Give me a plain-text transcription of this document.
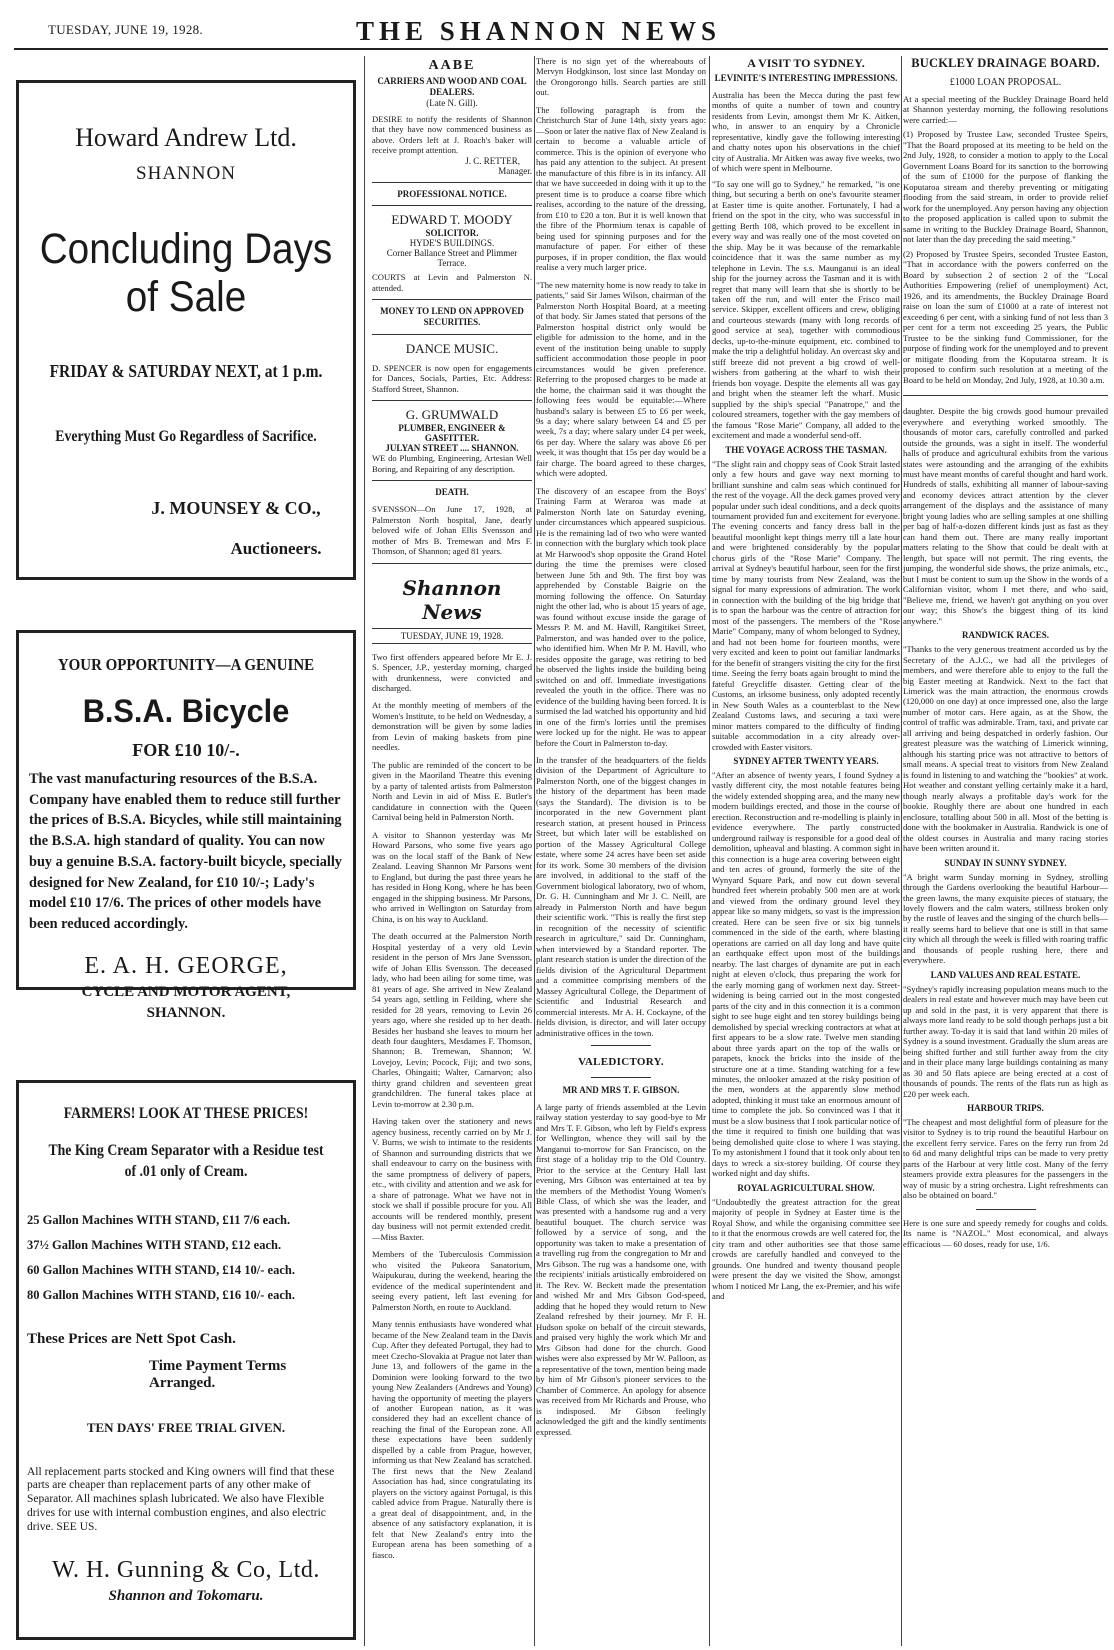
TUESDAY, JUNE 19, 1928.	THE SHANNON NEWS
Howard Andrew Ltd.
SHANNON
Concluding Days
of Sale
FRIDAY & SATURDAY NEXT, at 1 p.m.
Everything Must Go Regardless of Sacrifice.
J. MOUNSEY & CO.,
Auctioneers.
YOUR OPPORTUNITY—A GENUINE
B.S.A. Bicycle
FOR £10 10/-.
The vast manufacturing resources of the B.S.A. Company have enabled them to reduce still further the prices of B.S.A. Bicycles, while still maintaining the B.S.A. high standard of quality. You can now buy a genuine B.S.A. factory-built bicycle, specially designed for New Zealand, for £10 10/-; Lady's model £10 17/6. The prices of other models have been reduced accordingly.
E. A. H. GEORGE,
CYCLE AND MOTOR AGENT,
SHANNON.
FARMERS! LOOK AT THESE PRICES!
The King Cream Separator with a Residue test of .01 only of Cream.
25 Gallon Machines WITH STAND, £11 7/6 each.
37½ Gallon Machines WITH STAND, £12 each.
60 Gallon Machines WITH STAND, £14 10/- each.
80 Gallon Machines WITH STAND, £16 10/- each.
These Prices are Nett Spot Cash.
Time Payment Terms Arranged.
TEN DAYS' FREE TRIAL GIVEN.
All replacement parts stocked and King owners will find that these parts are cheaper than replacement parts of any other make of Separator. All machines splash lubricated. We also have Flexible drives for use with internal combustion engines, and also electric drive. SEE US.
W. H. Gunning & Co, Ltd.
Shannon and Tokomaru.
AABE
CARRIERS AND WOOD AND COAL DEALERS.
(Late N. Gill).
DESIRE to notify the residents of Shannon that they have now commenced business as above. Orders left at J. Roach's baker will receive prompt attention.
J. C. RETTER,
Manager.
PROFESSIONAL NOTICE.
EDWARD T. MOODY
SOLICITOR.
HYDE'S BUILDINGS.
Corner Ballance Street and Plimmer Terrace.
COURTS at Levin and Palmerston N. attended.
MONEY TO LEND ON APPROVED SECURITIES.
DANCE MUSIC.
D. SPENCER is now open for engagements for Dances, Socials, Parties, Etc. Address: Stafford Street, Shannon.
G. GRUMWALD
PLUMBER, ENGINEER & GASFITTER.
JULYAN STREET .... SHANNON.
WE do Plumbing, Engineering, Artesian Well Boring, and Repairing of any description.
DEATH.
SVENSSON—On June 17, 1928, at Palmerston North hospital, Jane, dearly beloved wife of Johan Ellis Svensson and mother of Mrs B. Tremewan and Mrs F. Thomson, of Shannon; aged 81 years.
Shannon News
TUESDAY, JUNE 19, 1928.
Two first offenders appeared before Mr E. J. S. Spencer, J.P., yesterday morning, charged with drunkenness, were convicted and discharged.
At the monthly meeting of members of the Women's Institute, to be held on Wednesday, a demonstration will be given by some ladies from Levin of making baskets from pine needles.
The public are reminded of the concert to be given in the Maoriland Theatre this evening by a party of talented artists from Palmerston North and Levin in aid of Miss E. Butler's candidature in connection with the Queen Carnival being held in Palmerston North.
A visitor to Shannon yesterday was Mr Howard Parsons, who some five years ago was on the local staff of the Bank of New Zealand. Leaving Shannon Mr Parsons went to England, but during the past three years he has resided in Hong Kong, where he has been engaged in the shipping business. Mr Parsons, who arrived in Wellington on Saturday from China, is on his way to Auckland.
The death occurred at the Palmerston North Hospital yesterday of a very old Levin resident in the person of Mrs Jane Svensson, wife of Johan Ellis Svensson. The deceased lady, who had been ailing for some time, was 81 years of age. She arrived in New Zealand 54 years ago, settling in Feilding, where she resided for 28 years, removing to Levin 26 years ago, where she resided up to her death. Besides her husband she leaves to mourn her death four daughters, Mesdames F. Thomson, Shannon; B. Tremewan, Shannon; W. Lovejoy, Levin; Pocock, Fiji; and two sons, Charles, Ohingaiti; Walter, Carnarvon; also thirty grand children and seventeen great grandchildren. The funeral takes place at Levin to-morrow at 2.30 p.m.
Having taken over the stationery and news agency business, recently carried on by Mr J. V. Burns, we wish to intimate to the residents of Shannon and surrounding districts that we shall endeavour to carry on the business with the same promptness of delivery of papers, etc., with civility and attention and we ask for a share of patronage. What we have not in stock we shall if possible procure for you. All accounts will be rendered monthly, present day business will not permit extended credit.—Miss Baxter.
Members of the Tuberculosis Commission who visited the Pukeora Sanatorium, Waipukurau, during the weekend, hearing the evidence of the medical superintendent and seeing every patient, left last evening for Palmerston North, en route to Auckland.
Many tennis enthusiasts have wondered what became of the New Zealand team in the Davis Cup. After they defeated Portugal, they had to meet Czecho-Slovakia at Prague not later than June 13, and followers of the game in the Dominion were looking forward to the two young New Zealanders (Andrews and Young) having the opportunity of meeting the players of another European nation, as it was considered they had an excellent chance of reaching the final of the European zone. All these expectations have been suddenly dispelled by a cable from Prague, however, informing us that New Zealand has scratched. The first news that the New Zealand Association has had, since congratulating its players on the victory against Portugal, is this cabled advice from Prague. Naturally there is a great deal of disappointment, and, in the absence of any satisfactory explanation, it is felt that New Zealand's entry into the European arena has been something of a fiasco.
There is no sign yet of the whereabouts of Mervyn Hodgkinson, lost since last Monday on the Orongorongo hills. Search parties are still out.
The following paragraph is from the Christchurch Star of June 14th, sixty years ago:—Soon or later the native flax of New Zealand is certain to become a valuable article of commerce. This is the opinion of everyone who has paid any attention to the subject. At present the manufacture of this fibre is in its infancy. All that we have succeeded in doing with it up to the present time is to produce a coarse fibre which realises, according to the nature of the dressing, from £10 to £20 a ton. But it is well known that the fibre of the Phormium tenax is capable of being used for spinning purposes and for the manufacture of paper. For either of these purposes, if in proper condition, the flax would realise a very much larger price.
"The new maternity home is now ready to take in patients," said Sir James Wilson, chairman of the Palmerston North Hospital Board, at a meeting of that body. Sir James stated that persons of the Palmerston hospital district only would be eligible for admission to the home, and in the event of the institution being unable to supply sufficient accommodation those people in poor circumstances would be given preference. Referring to the proposed charges to be made at the home, the chairman said it was thought the following fees would be equitable:—Where husband's salary is between £5 to £6 per week, 9s a day; where salary between £4 and £5 per week, 7s a day; where salary under £4 per week, 6s per day. Where the salary was above £6 per week, it was thought that 15s per day would be a fair charge. The board agreed to these charges, which were adopted.
The discovery of an escapee from the Boys' Training Farm at Weraroa was made at Palmerston North late on Saturday evening, under circumstances which appeared suspicious. He is the remaining lad of two who were wanted in connection with the burglary which took place at Mr Harwood's shop opposite the Grand Hotel during the time the premises were closed between June 5th and 9th. The first boy was apprehended by Constable Baigrie on the morning following the offence. On Saturday night the other lad, who is about 15 years of age, was found without excuse inside the garage of Messrs P. M. and M. Havill, Rangitikei Street, Palmerston, and was handed over to the police, who identified him. When Mr P. M. Havill, who resides opposite the garage, was retiring to bed he observed the lights inside the building being switched on and off. Immediate investigations revealed the youth in the office. There was no evidence of the building having been forced. It is surmised the lad watched his opportunity and hid in one of the firm's lorries until the premises were locked up for the night. He was to appear before the Court in Palmerston to-day.
In the transfer of the headquarters of the fields division of the Department of Agriculture to Palmerston North, one of the biggest changes in the history of the department has been made (says the Standard). The division is to be incorporated in the new Government plant research station, at present housed in Princess Street, but which later will be established on portion of the Massey Agricultural College estate, where some 24 acres have been set aside for its work. Some 30 members of the division are involved, in additional to the staff of the Government biological laboratory, two of whom, Dr. G. H. Cunningham and Mr J. C. Neill, are already in Palmerston North and have begun their scientific work. "This is really the first step in recognition of the necessity of scientific research in agriculture," said Dr. Cunningham, when interviewed by a Standard reporter. The plant research station is under the direction of the fields division of the Agricultural Department and a committee comprising members of the Massey Agricultural College, the Department of Scientific and Industrial Research and commercial interests. Mr A. H. Cockayne, of the fields division, is director, and will later occupy administrative offices in the town.
VALEDICTORY.
MR AND MRS T. F. GIBSON.
A large party of friends assembled at the Levin railway station yesterday to say good-bye to Mr and Mrs T. F. Gibson, who left by Field's express for Wellington, whence they will sail by the Manganui to-morrow for San Francisco, on the first stage of a holiday trip to the Old Country. Prior to the service at the Century Hall last evening, Mrs Gibson was entertained at tea by the members of the Methodist Young Women's Bible Class, of which she was the leader, and was presented with a handsome rug and a very beautiful bouquet. The church service was followed by a service of song, and the opportunity was taken to make a presentation of a travelling rug from the congregation to Mr and Mrs Gibson. The rug was a handsome one, with the recipients' initials artistically embroidered on it. The Rev. W. Beckett made the presentation and wished Mr and Mrs Gibson God-speed, adding that he hoped they would return to New Zealand refreshed by their journey. Mr F. H. Hudson spoke on behalf of the circuit stewards, and praised very highly the work which Mr and Mrs Gibson had done for the church. Good wishes were also expressed by Mr W. Palloon, as a representative of the town, mention being made by him of Mr Gibson's pioneer services to the Chamber of Commerce. An apology for absence was received from Mr Richards and Prouse, who is indisposed. Mr Gibson feelingly acknowledged the gift and the kindly sentiments expressed.
A VISIT TO SYDNEY.
LEVINITE'S INTERESTING IMPRESSIONS.
Australia has been the Mecca during the past few months of quite a number of town and country residents from Levin, amongst them Mr K. Aitken, who, in answer to an enquiry by a Chronicle representative, kindly gave the following interesting and chatty notes upon his observations in the chief city of Australia. Mr Aitken was away five weeks, two of which were spent in Melbourne.
"To say one will go to Sydney," he remarked, "is one thing, but securing a berth on one's favourite steamer at Easter time is quite another. Fortunately, I had a friend on the spot in the city, who was successful in getting Berth 108, which proved to be excellent in every way and was really one of the most coveted on the ship. May be it was because of the remarkable coincidence that it was the same number as my telephone in Levin. The s.s. Maunganui is an ideal ship for the journey across the Tasman and it is with regret that many will learn that she is shortly to be taken off the run, and will enter the Frisco mail service. Skipper, excellent officers and crew, obliging and courteous stewards (many with long records of good service at sea), together with commodious decks, up-to-the-minute equipment, etc. combined to make the trip a delightful holiday. An overcast sky and stiff breeze did not prevent a big crowd of well-wishers from gathering at the wharf to wish their friends bon voyage. Despite the elements all was gay and bright when the steamer left the wharf. Music supplied by the ship's special "Panatrope," and the coloured streamers, together with the gay members of the famous "Rose Marie" Company, all added to the excitement and made a wonderful send-off.
THE VOYAGE ACROSS THE TASMAN.
"The slight rain and choppy seas of Cook Strait lasted only a few hours and gave way next morning to brilliant sunshine and calm seas which continued for the rest of the voyage. All the deck games proved very popular under such ideal conditions, and a deck quoits tournament provided fun and excitement for everyone. The evening concerts and fancy dress ball in the beautiful moonlight kept things merry till a late hour and were brightened considerably by the popular chorus girls of the "Rose Marie" Company. The arrival at Sydney's beautiful harbour, seen for the first time by many tourists from New Zealand, was the signal for many expressions of admiration. The work in connection with the building of the big bridge that is to span the harbour was the centre of attraction for most of the passengers. The members of the "Rose Marie" Company, many of whom belonged to Sydney, and had not been home for fourteen months, were very excited and keen to point out familiar landmarks for the benefit of strangers visiting the city for the first time. Seeing the ferry boats again brought to mind the fateful Greycliffe disaster. Getting clear of the Customs, an irksome business, only adopted recently in New South Wales as a counterblast to the New Zealand Customs laws, and securing a taxi were minor matters compared to the difficulty of finding suitable accommodation in a city already over-crowded with Easter visitors.
SYDNEY AFTER TWENTY YEARS.
"After an absence of twenty years, I found Sydney a vastly different city, the most notable features being the widely extended shopping area, and the many new modern buildings erected, and those in the course of erection. Reconstruction and re-modelling is plainly in evidence everywhere. The partly constructed underground railway is responsible for a good deal of demolition, upheaval and blasting. A common sight in this connection is a huge area covering between eight and ten acres of ground, formerly the site of the Wynyard Square Park, and now cut down several hundred feet wherein probably 500 men are at work and viewed from the ordinary ground level they appear like so many midgets, so vast is the impression created. Here can be seen five or six big tunnels commenced in the side of the earth, where blasting operations are carried on all day long and have quite an earthquake effect upon most of the buildings nearby. The last charges of dynamite are put in each night at eleven o'clock, thus preparing the work for the early morning gang of workmen next day. Street-widening is being carried out in the most congested parts of the city and in this connection it is a common sight to see huge eight and ten storey buildings being demolished by special wrecking contractors at what at first appears to be a slow rate. Twelve men standing about three yards apart on the top of the walls or parapets, knock the bricks into the inside of the structure one at a time. Standing watching for a few minutes, the onlooker amazed at the risky position of the men, wonders at the apparently slow method adopted, thinking it must take an enormous amount of time to complete the job. So convinced was I that it must be a slow business that I took particular notice of the time it required to finish one building that was being demolished quite close to where I was staying. To my astonishment I found that it took only about ten days to wreck a six-storey building. Of course they worked night and day shifts.
ROYAL AGRICULTURAL SHOW.
"Undoubtedly the greatest attraction for the great majority of people in Sydney at Easter time is the Royal Show, and while the organising committee see to it that the enormous crowds are well catered for, the city tram and other authorities see that those same crowds are carefully handled and conveyed to the grounds. One hundred and twenty thousand people were present the day we visited the Show, amongst whom I noticed Mr Lang, the ex-Premier, and his wife and
BUCKLEY DRAINAGE BOARD.
£1000 LOAN PROPOSAL.
At a special meeting of the Buckley Drainage Board held at Shannon yesterday morning, the following resolutions were carried:—
(1) Proposed by Trustee Law, seconded Trustee Speirs, "That the Board proposed at its meeting to be held on the 2nd July, 1928, to consider a motion to apply to the Local Government Loans Board for its sanction to the borrowing of the sum of £1000 for the purpose of flanking the Koputaroa stream and thereby preventing or mitigating flooding from the said stream, in order to provide relief work for the unemployed. Any person having any objection to the proposed application is called upon to submit the same in writing to the Buckley Drainage Board, Shannon, not later than the day preceding the said meeting."
(2) Proposed by Trustee Speirs, seconded Trustee Easton, "That in accordance with the powers conferred on the Board by subsection 2 of section 2 of the "Local Authorities Empowering (relief of unemployment) Act, 1926, and its amendments, the Buckley Drainage Board raise on loan the sum of £1000 at a rate of interest not exceeding 6 per cent, with a sinking fund of not less than 3 per cent for a term not exceeding 25 years, the Public Trustee to be the sinking fund Commissioner, for the purpose of finding work for the unemployed and to prevent or mitigate flooding from the Koputaroa stream. It is proposed to confirm such resolution at a meeting of the Board to be held on Monday, 2nd July, 1928, at 10.30 a.m.
daughter. Despite the big crowds good humour prevailed everywhere and everything worked smoothly. The thousands of motor cars, carefully controlled and parked outside the grounds, was a sight in itself. The wonderful halls of produce and agricultural exhibits from the various states were astounding and the arranging of the exhibits must have meant months of careful thought and hard work. Hundreds of stalls, exhibiting all manner of labour-saving and economy devices attract attention by the clever arrangement of the displays and the assistance of many bright young ladies who are selling samples at one shilling per bag of half-a-dozen different kinds just as fast as they can hand them out. There are many really important matters relating to the Show that could be dealt with at length, but space will not permit. The ring events, the jumping, the wonderful side shows, the prize animals, etc., but I must be content to sum up the Show in the words of a Californian visitor, whom I met there, and who said, "Believe me, friend, we haven't got anything on you over our way; this Show's the biggest thing of its kind anywhere."
RANDWICK RACES.
"Thanks to the very generous treatment accorded us by the Secretary of the A.J.C., we had all the privileges of members, and were therefore able to enjoy to the full the big Easter meeting at Randwick. Next to the fact that Limerick was the main attraction, the enormous crowds (120,000 on one day) at once impressed one, also the large number of motor cars. Here again, as at the Show, the control of traffic was admirable. Tram, taxi, and private car all arriving and being despatched in orderly fashion. Our greatest pleasure was the watching of Limerick winning, although his starting price was not attractive to bettors of small means. A special treat to visitors from New Zealand is found in listening to and watching the "bookies" at work. Hot weather and constant yelling certainly make it a hard, though nearly always a profitable day's work for the bookie. Roughly there are about one hundred in each enclosure, totalling about 500 in all. Most of the betting is done with the bookmaker in Australia. Randwick is one of the oldest courses in Australia and many racing stories have been written around it.
SUNDAY IN SUNNY SYDNEY.
"A bright warm Sunday morning in Sydney, strolling through the Gardens overlooking the beautiful Harbour—the green lawns, the many exquisite pieces of statuary, the lovely flowers and the calm waters, stillness broken only by the rustle of leaves and the singing of the church bells—it really seems hard to believe that one is still in that same city which all through the week is filled with roaring traffic and thousands of people rushing here, there and everywhere.
LAND VALUES AND REAL ESTATE.
"Sydney's rapidly increasing population means much to the dealers in real estate and however much may have been cut up and sold in the past, it is very apparent that there is always more land ready to be sold though perhaps just a bit further away. To-day it is said that land within 20 miles of Sydney is a sound investment. Gradually the slum areas are being shifted further and still further away from the city and in their place many large buildings containing as many as 30 and 50 flats apiece are being erected at a cost of thousands of pounds. The rents of the flats run as high as £20 per week each.
HARBOUR TRIPS.
"The cheapest and most delightful form of pleasure for the visitor to Sydney is to trip round the beautiful Harbour on the excellent ferry service. Fares on the ferry run from 2d to 6d and many delightful trips can be made to very pretty parts of the Harbour at very little cost. Many of the ferry steamers provide extra pleasures for the passengers in the way of music by a string orchestra. Light refreshments can also be obtained on board."
Here is one sure and speedy remedy for coughs and colds. Its name is "NAZOL." Most economical, and always efficacious — 60 doses, ready for use, 1/6.
